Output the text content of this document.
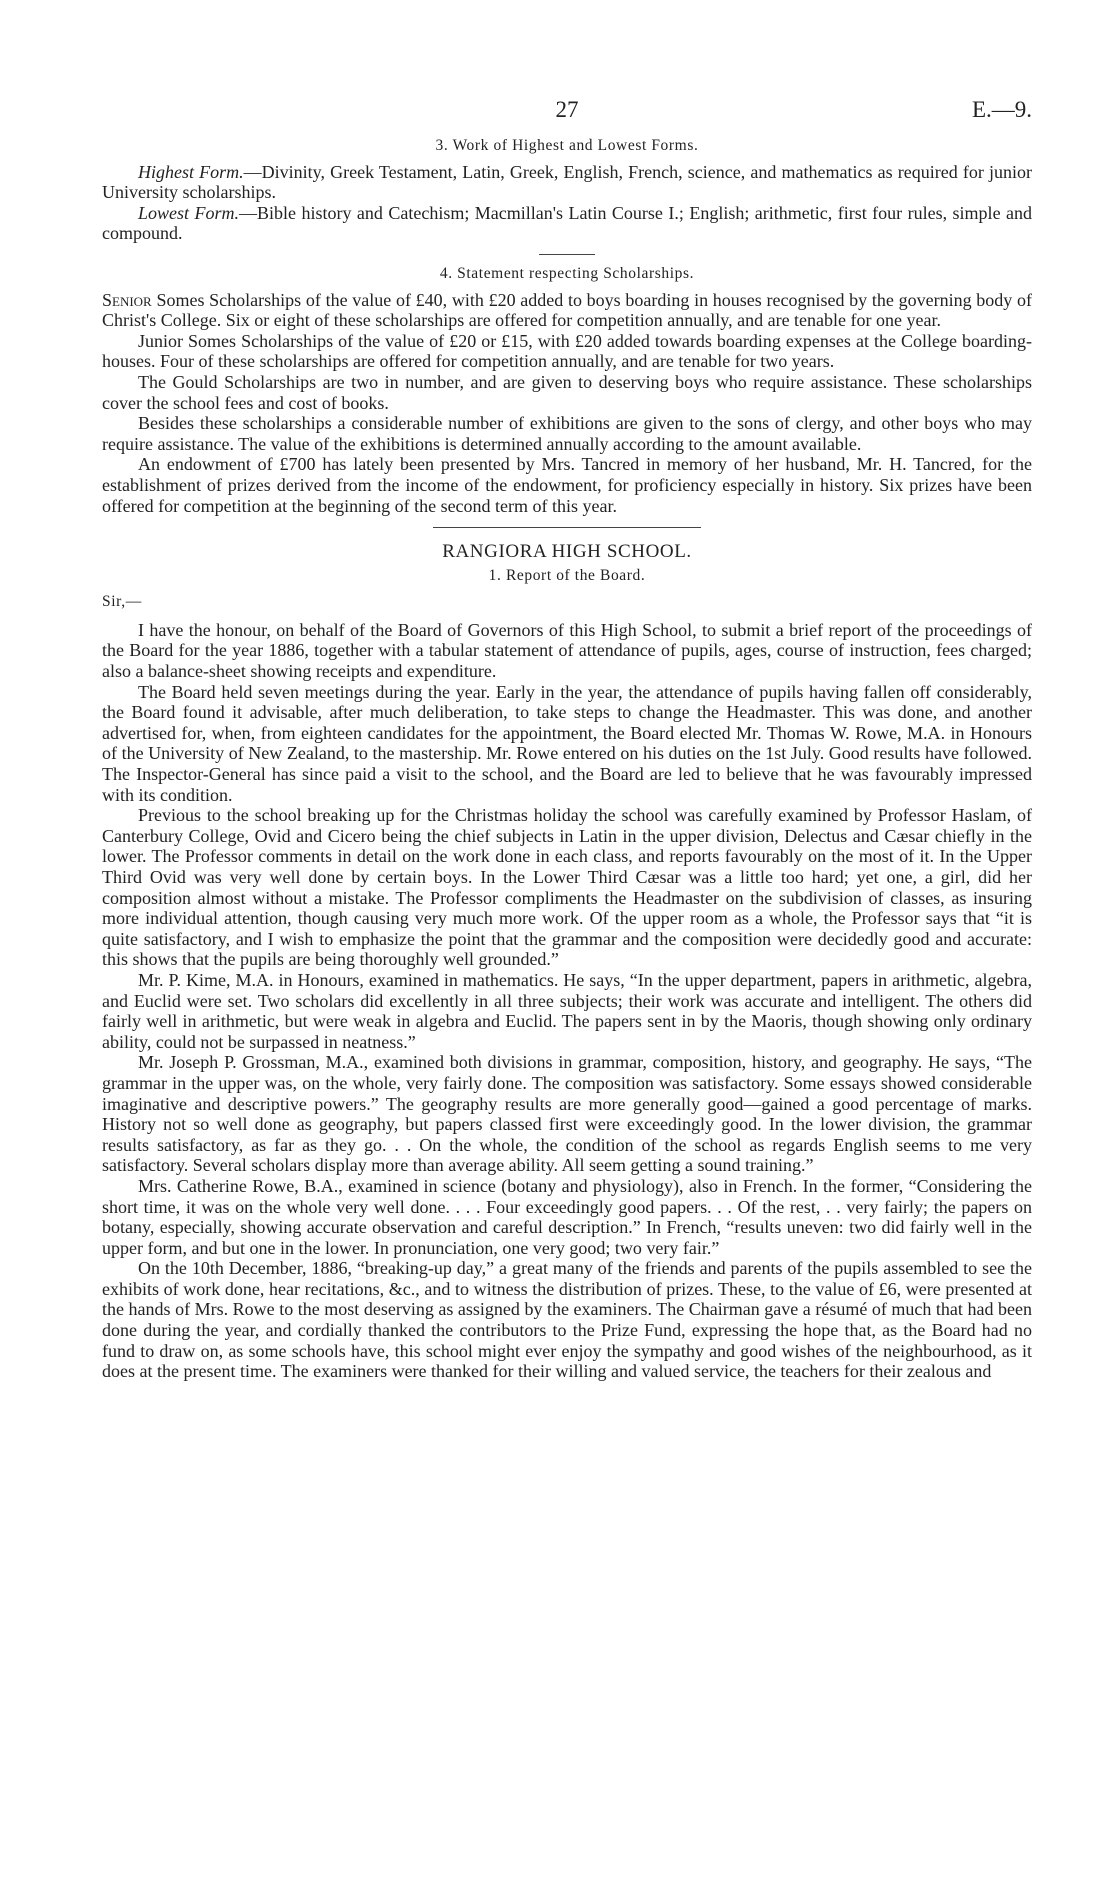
27	E.—9.
3. Work of Highest and Lowest Forms.

Highest Form.—Divinity, Greek Testament, Latin, Greek, English, French, science, and mathematics as required for junior University scholarships.

Lowest Form.—Bible history and Catechism; Macmillan's Latin Course I.; English; arithmetic, first four rules, simple and compound.

4. Statement respecting Scholarships.

Senior Somes Scholarships of the value of £40, with £20 added to boys boarding in houses recognised by the governing body of Christ's College. Six or eight of these scholarships are offered for competition annually, and are tenable for one year.

Junior Somes Scholarships of the value of £20 or £15, with £20 added towards boarding expenses at the College boarding-houses. Four of these scholarships are offered for competition annually, and are tenable for two years.

The Gould Scholarships are two in number, and are given to deserving boys who require assistance. These scholarships cover the school fees and cost of books.

Besides these scholarships a considerable number of exhibitions are given to the sons of clergy, and other boys who may require assistance. The value of the exhibitions is determined annually according to the amount available.

An endowment of £700 has lately been presented by Mrs. Tancred in memory of her husband, Mr. H. Tancred, for the establishment of prizes derived from the income of the endowment, for proficiency especially in history. Six prizes have been offered for competition at the beginning of the second term of this year.

RANGIORA HIGH SCHOOL.
1. Report of the Board.
Sir,—

I have the honour, on behalf of the Board of Governors of this High School, to submit a brief report of the proceedings of the Board for the year 1886, together with a tabular statement of attendance of pupils, ages, course of instruction, fees charged; also a balance-sheet showing receipts and expenditure.

The Board held seven meetings during the year. Early in the year, the attendance of pupils having fallen off considerably, the Board found it advisable, after much deliberation, to take steps to change the Headmaster. This was done, and another advertised for, when, from eighteen candidates for the appointment, the Board elected Mr. Thomas W. Rowe, M.A. in Honours of the University of New Zealand, to the mastership. Mr. Rowe entered on his duties on the 1st July. Good results have followed. The Inspector-General has since paid a visit to the school, and the Board are led to believe that he was favourably impressed with its condition.

Previous to the school breaking up for the Christmas holiday the school was carefully examined by Professor Haslam, of Canterbury College, Ovid and Cicero being the chief subjects in Latin in the upper division, Delectus and Cæsar chiefly in the lower. The Professor comments in detail on the work done in each class, and reports favourably on the most of it. In the Upper Third Ovid was very well done by certain boys. In the Lower Third Cæsar was a little too hard; yet one, a girl, did her composition almost without a mistake. The Professor compliments the Headmaster on the subdivision of classes, as insuring more individual attention, though causing very much more work. Of the upper room as a whole, the Professor says that “it is quite satisfactory, and I wish to emphasize the point that the grammar and the composition were decidedly good and accurate: this shows that the pupils are being thoroughly well grounded.”

Mr. P. Kime, M.A. in Honours, examined in mathematics. He says, “In the upper department, papers in arithmetic, algebra, and Euclid were set. Two scholars did excellently in all three subjects; their work was accurate and intelligent. The others did fairly well in arithmetic, but were weak in algebra and Euclid. The papers sent in by the Maoris, though showing only ordinary ability, could not be surpassed in neatness.”

Mr. Joseph P. Grossman, M.A., examined both divisions in grammar, composition, history, and geography. He says, “The grammar in the upper was, on the whole, very fairly done. The composition was satisfactory. Some essays showed considerable imaginative and descriptive powers.” The geography results are more generally good—gained a good percentage of marks. History not so well done as geography, but papers classed first were exceedingly good. In the lower division, the grammar results satisfactory, as far as they go. . . On the whole, the condition of the school as regards English seems to me very satisfactory. Several scholars display more than average ability. All seem getting a sound training.”

Mrs. Catherine Rowe, B.A., examined in science (botany and physiology), also in French. In the former, “Considering the short time, it was on the whole very well done. . . . Four exceedingly good papers. . . Of the rest, . . very fairly; the papers on botany, especially, showing accurate observation and careful description.” In French, “results uneven: two did fairly well in the upper form, and but one in the lower. In pronunciation, one very good; two very fair.”

On the 10th December, 1886, “breaking-up day,” a great many of the friends and parents of the pupils assembled to see the exhibits of work done, hear recitations, &c., and to witness the distribution of prizes. These, to the value of £6, were presented at the hands of Mrs. Rowe to the most deserving as assigned by the examiners. The Chairman gave a résumé of much that had been done during the year, and cordially thanked the contributors to the Prize Fund, expressing the hope that, as the Board had no fund to draw on, as some schools have, this school might ever enjoy the sympathy and good wishes of the neighbourhood, as it does at the present time. The examiners were thanked for their willing and valued service, the teachers for their zealous and
